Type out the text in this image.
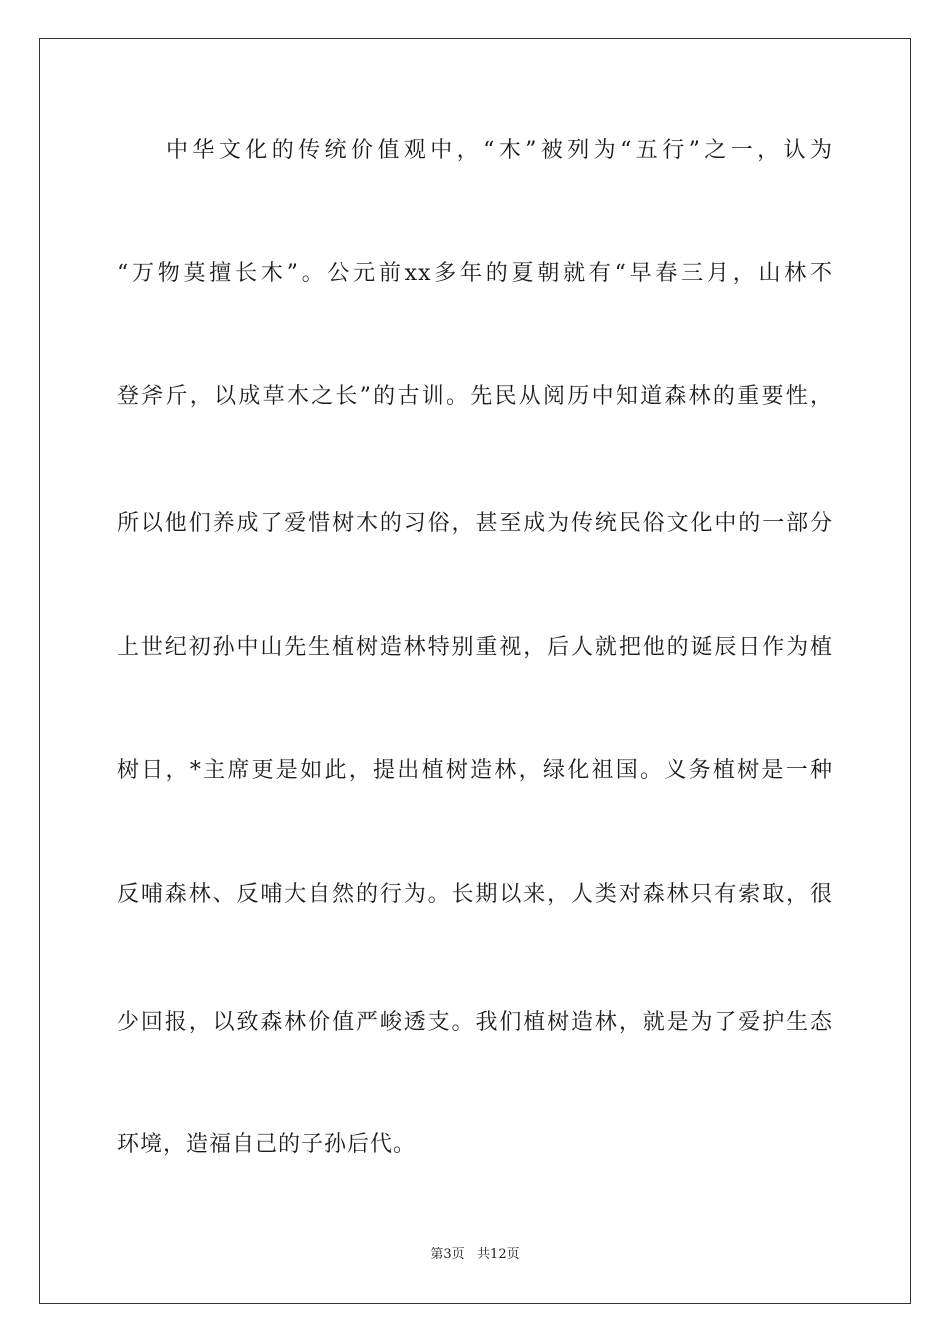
中华文化的传统价值观中，“木”被列为“五行”之一，认为
“万物莫擅长木”。公元前xx多年的夏朝就有“早春三月，山林不
登斧斤，以成草木之长”的古训。先民从阅历中知道森林的重要性，
所以他们养成了爱惜树木的习俗，甚至成为传统民俗文化中的一部分
上世纪初孙中山先生植树造林特别重视，后人就把他的诞辰日作为植
树日，*主席更是如此，提出植树造林，绿化祖国。义务植树是一种
反哺森林、反哺大自然的行为。长期以来，人类对森林只有索取，很
少回报，以致森林价值严峻透支。我们植树造林，就是为了爱护生态
环境，造福自己的子孙后代。
第3页   共12页
